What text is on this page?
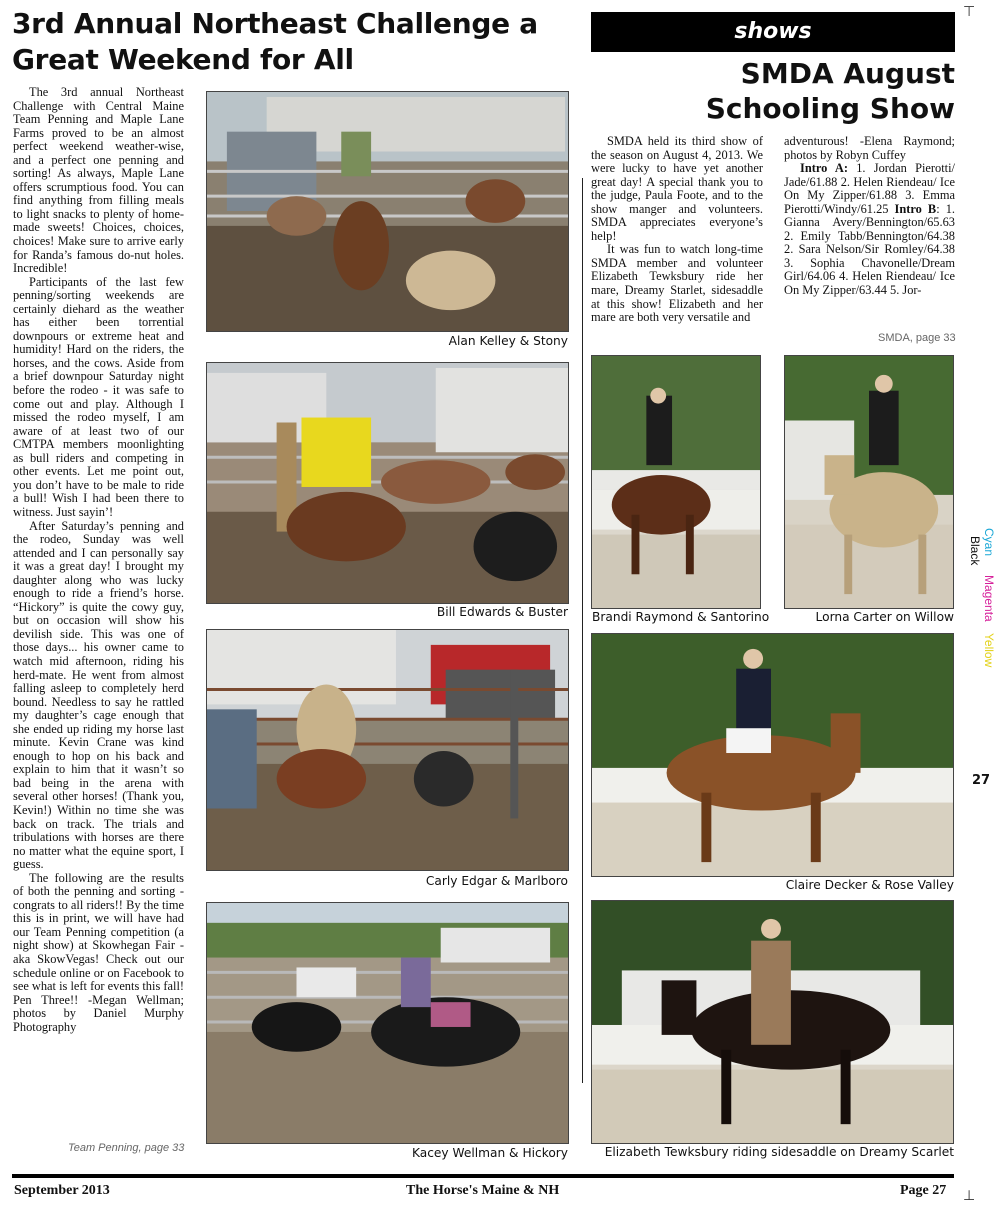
⊤
⊥
3rd Annual Northeast Challenge a Great Weekend for All

The 3rd annual Northeast Challenge with Central Maine Team Penning and Maple Lane Farms proved to be an almost perfect weekend weather-wise, and a perfect one penning and sorting! As always, Maple Lane offers scrumptious food. You can find anything from filling meals to light snacks to plenty of home-made sweets! Choices, choices, choices! Make sure to arrive early for Randa’s famous do-nut holes. Incredible!

Participants of the last few penning/sorting weekends are certainly diehard as the weather has either been torrential downpours or extreme heat and humidity! Hard on the riders, the horses, and the cows. Aside from a brief downpour Saturday night before the rodeo - it was safe to come out and play. Although I missed the rodeo myself, I am aware of at least two of our CMTPA members moonlighting as bull riders and competing in other events. Let me point out, you don’t have to be male to ride a bull! Wish I had been there to witness. Just sayin’!

After Saturday’s penning and the rodeo, Sunday was well attended and I can personally say it was a great day! I brought my daughter along who was lucky enough to ride a friend’s horse. “Hickory” is quite the cowy guy, but on occasion will show his devilish side. This was one of those days... his owner came to watch mid afternoon, riding his herd-mate. He went from almost falling asleep to completely herd bound. Needless to say he rattled my daughter’s cage enough that she ended up riding my horse last minute. Kevin Crane was kind enough to hop on his back and explain to him that it wasn’t so bad being in the arena with several other horses! (Thank you, Kevin!) Within no time she was back on track. The trials and tribulations with horses are there no matter what the equine sport, I guess.

The following are the results of both the penning and sorting - congrats to all riders!! By the time this is in print, we will have had our Team Penning competition (a night show) at Skowhegan Fair - aka SkowVegas! Check out our schedule online or on Facebook to see what is left for events this fall! Pen Three!! -Megan Wellman; photos by Daniel Murphy Photography

Team Penning, page 33
Alan Kelley & Stony
Bill Edwards & Buster
Carly Edgar & Marlboro
Kacey Wellman & Hickory
shows
SMDA August Schooling Show

SMDA held its third show of the season on August 4, 2013. We were lucky to have yet another great day! A special thank you to the judge, Paula Foote, and to the show manger and volunteers. SMDA appreciates everyone’s help!

It was fun to watch long-time SMDA member and volunteer Elizabeth Tewksbury ride her mare, Dreamy Starlet, sidesaddle at this show! Elizabeth and her mare are both very versatile and

adventurous! -Elena Raymond; photos by Robyn Cuffey

Intro A: 1. Jordan Pierotti/ Jade/61.88 2. Helen Riendeau/ Ice On My Zipper/61.88 3. Emma Pierotti/Windy/61.25 Intro B: 1. Gianna Avery/Bennington/65.63 2. Emily Tabb/Bennington/64.38 2. Sara Nelson/Sir Romley/64.38 3. Sophia Chavonelle/Dream Girl/64.06 4. Helen Riendeau/ Ice On My Zipper/63.44 5. Jor-

SMDA, page 33
Brandi Raymond & Santorino	Lorna Carter on Willow
Claire Decker & Rose Valley
Elizabeth Tewksbury riding sidesaddle on Dreamy Scarlet
Cyan Magenta Yellow Black
27
September 2013	The Horse's Maine & NH	Page 27
